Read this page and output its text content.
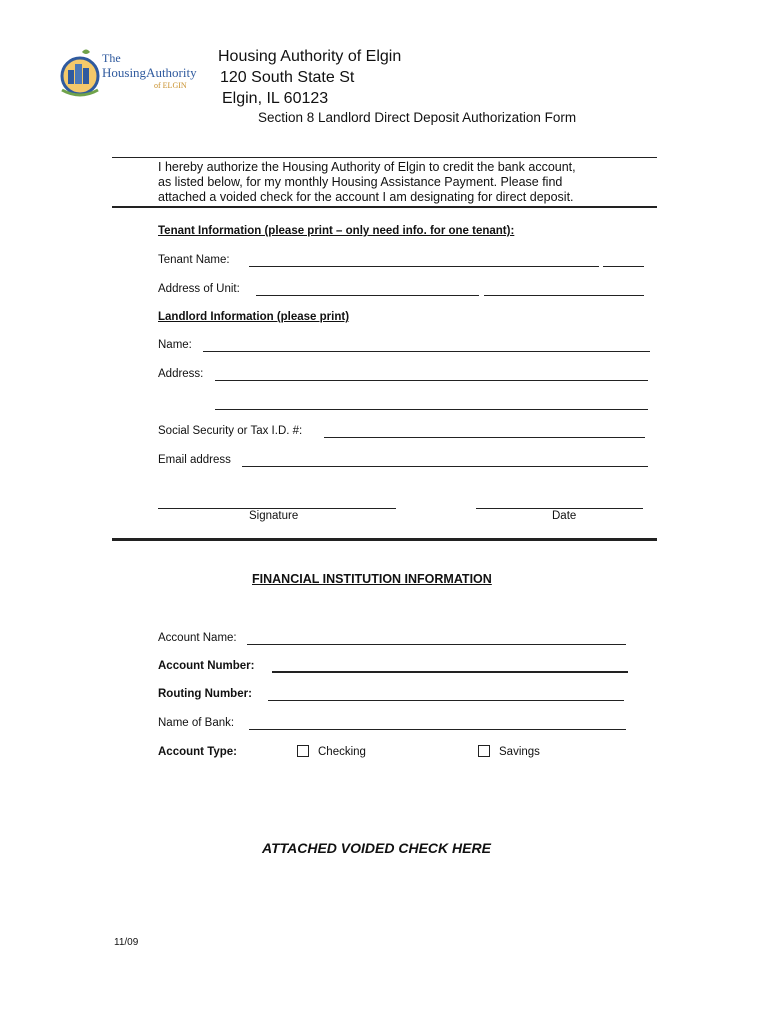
The
HousingAuthority
of ELGIN
Housing Authority of Elgin
120 South State St
Elgin, IL 60123
Section 8 Landlord Direct Deposit Authorization Form
I hereby authorize the Housing Authority of Elgin to credit the bank account,
as listed below, for my monthly Housing Assistance Payment. Please find
attached a voided check for the account I am designating for direct deposit.
Tenant Information (please print – only need info. for one tenant):
Tenant Name:
Address of Unit:
Landlord Information (please print)
Name:
Address:
Social Security or Tax I.D. #:
Email address
Signature	Date
FINANCIAL INSTITUTION INFORMATION
Account Name:
Account Number:
Routing Number:
Name of Bank:
Account Type:	Checking	Savings
ATTACHED VOIDED CHECK HERE
11/09
